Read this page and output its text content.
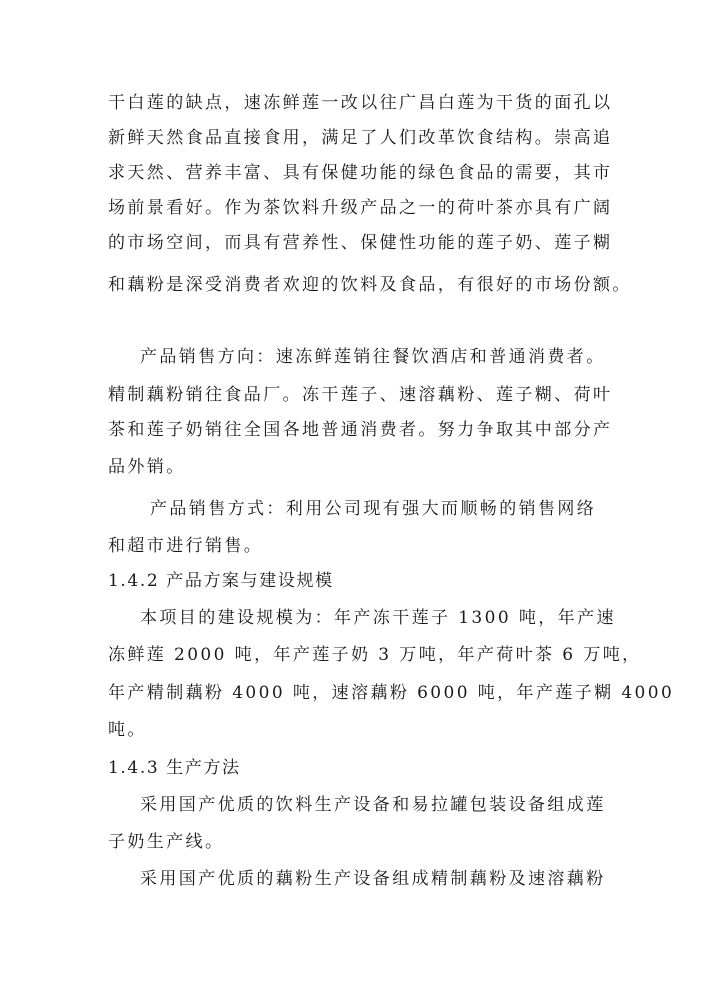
干白莲的缺点，速冻鲜莲一改以往广昌白莲为干货的面孔以
新鲜天然食品直接食用，满足了人们改革饮食结构。崇高追
求天然、营养丰富、具有保健功能的绿色食品的需要，其市
场前景看好。作为茶饮料升级产品之一的荷叶茶亦具有广阔
的市场空间，而具有营养性、保健性功能的莲子奶、莲子糊
和藕粉是深受消费者欢迎的饮料及食品，有很好的市场份额。
产品销售方向：速冻鲜莲销往餐饮酒店和普通消费者。
精制藕粉销往食品厂。冻干莲子、速溶藕粉、莲子糊、荷叶
茶和莲子奶销往全国各地普通消费者。努力争取其中部分产
品外销。
产品销售方式：利用公司现有强大而顺畅的销售网络
和超市进行销售。
1.4.2 产品方案与建设规模
本项目的建设规模为：年产冻干莲子 1300 吨，年产速
冻鲜莲 2000 吨，年产莲子奶 3 万吨，年产荷叶茶 6 万吨，
年产精制藕粉 4000 吨，速溶藕粉 6000 吨，年产莲子糊 4000
吨。
1.4.3 生产方法
采用国产优质的饮料生产设备和易拉罐包装设备组成莲
子奶生产线。
采用国产优质的藕粉生产设备组成精制藕粉及速溶藕粉
